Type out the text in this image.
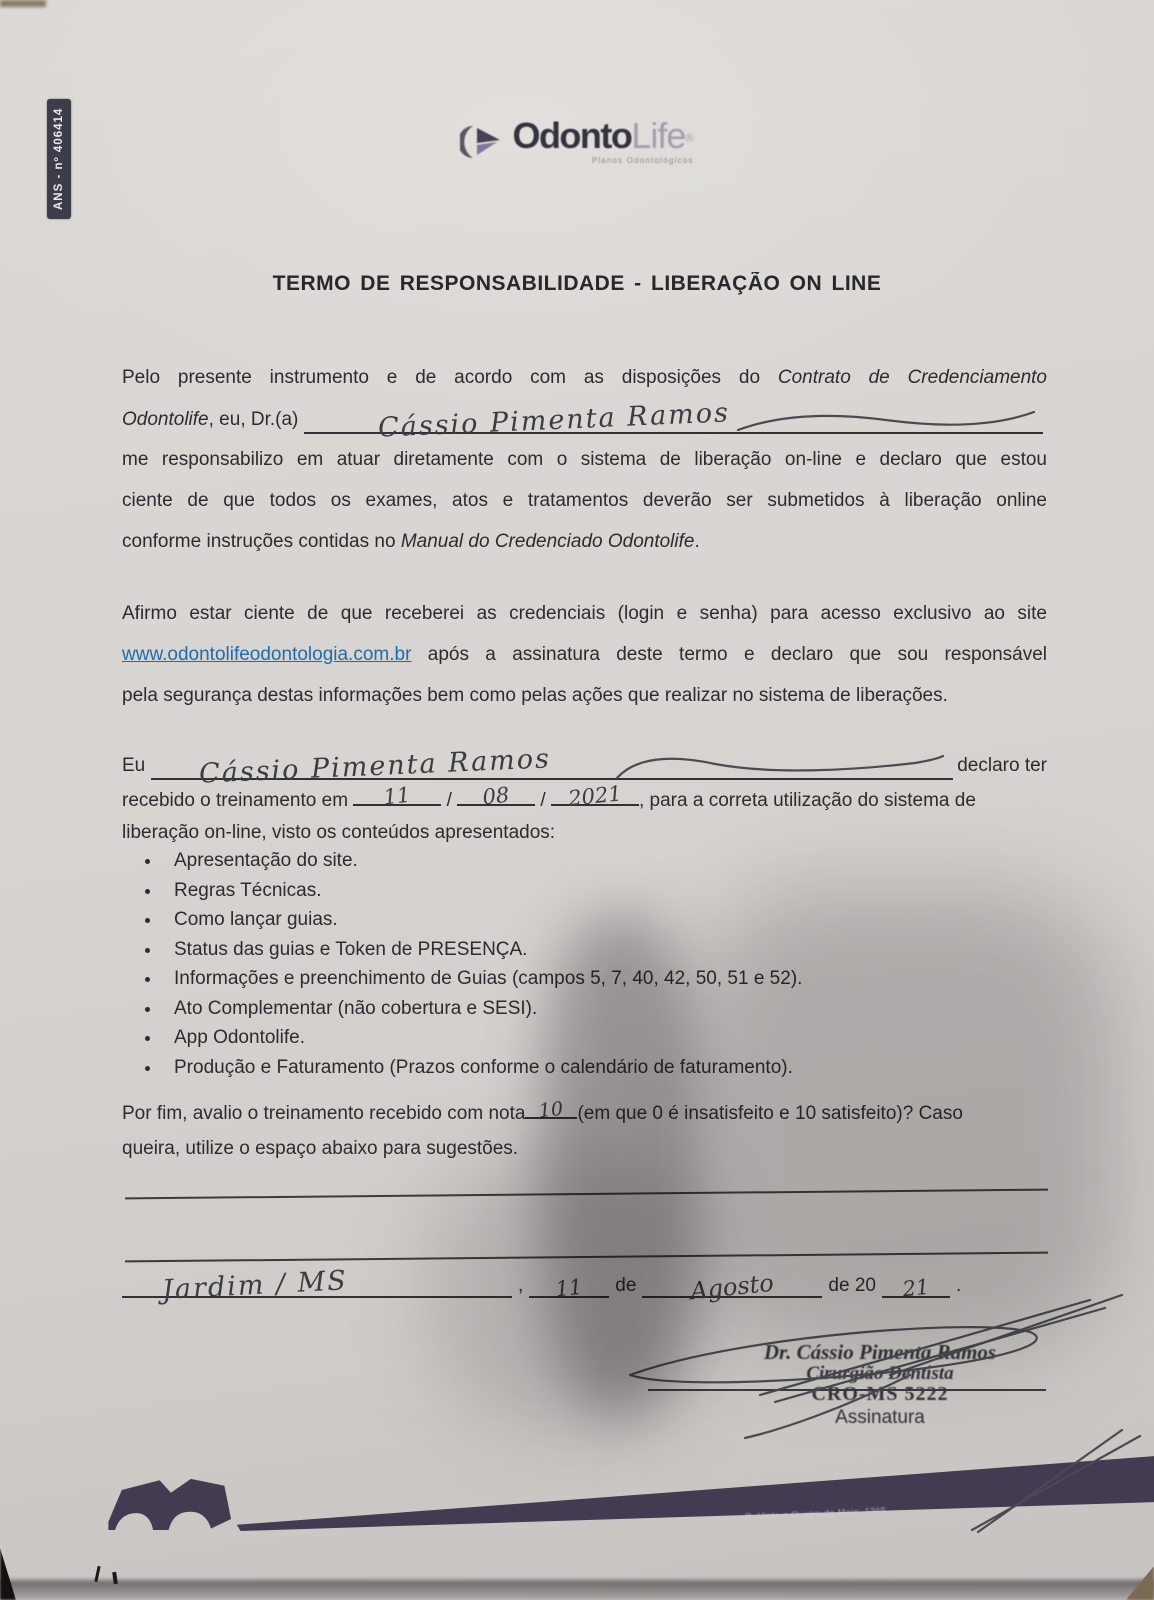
ANS - nº 406414	OdontoLife®
Planos Odontológicos
TERMO DE RESPONSABILIDADE - LIBERAÇÃO ON LINE
Pelo presente instrumento e de acordo com as disposições do Contrato de Credenciamento
Odontolife, eu, Dr.(a)	Cássio Pimenta Ramos
me responsabilizo em atuar diretamente com o sistema de liberação on-line e declaro que estou
ciente de que todos os exames, atos e tratamentos deverão ser submetidos à liberação online
conforme instruções contidas no Manual do Credenciado Odontolife.
Afirmo estar ciente de que receberei as credenciais (login e senha) para acesso exclusivo ao site
www.odontolifeodontologia.com.br após a assinatura deste termo e declaro que sou responsável
pela segurança destas informações bem como pelas ações que realizar no sistema de liberações.
Eu Cássio Pimenta Ramos	declaro ter
recebido o treinamento em	11	/	08	/	2021 , para a correta utilização do sistema de
liberação on-line, visto os conteúdos apresentados:
• Apresentação do site.
• Regras Técnicas.
• Como lançar guias.
• Status das guias e Token de PRESENÇA.
• Informações e preenchimento de Guias (campos 5, 7, 40, 42, 50, 51 e 52).
• Ato Complementar (não cobertura e SESI).
• App Odontolife.
• Produção e Faturamento (Prazos conforme o calendário de faturamento).
Por fim, avalio o treinamento recebido com nota 10 (em que 0 é insatisfeito e 10 satisfeito)? Caso
queira, utilize o espaço abaixo para sugestões.
Jardim / MS	,	11	de	Agosto	de 20	21	.
Dr. Cássio Pimenta Ramos
Cirurgião Dentista
CRO-MS 5222
Assinatura
R. Vinte e Quatro de Maio, 1365
